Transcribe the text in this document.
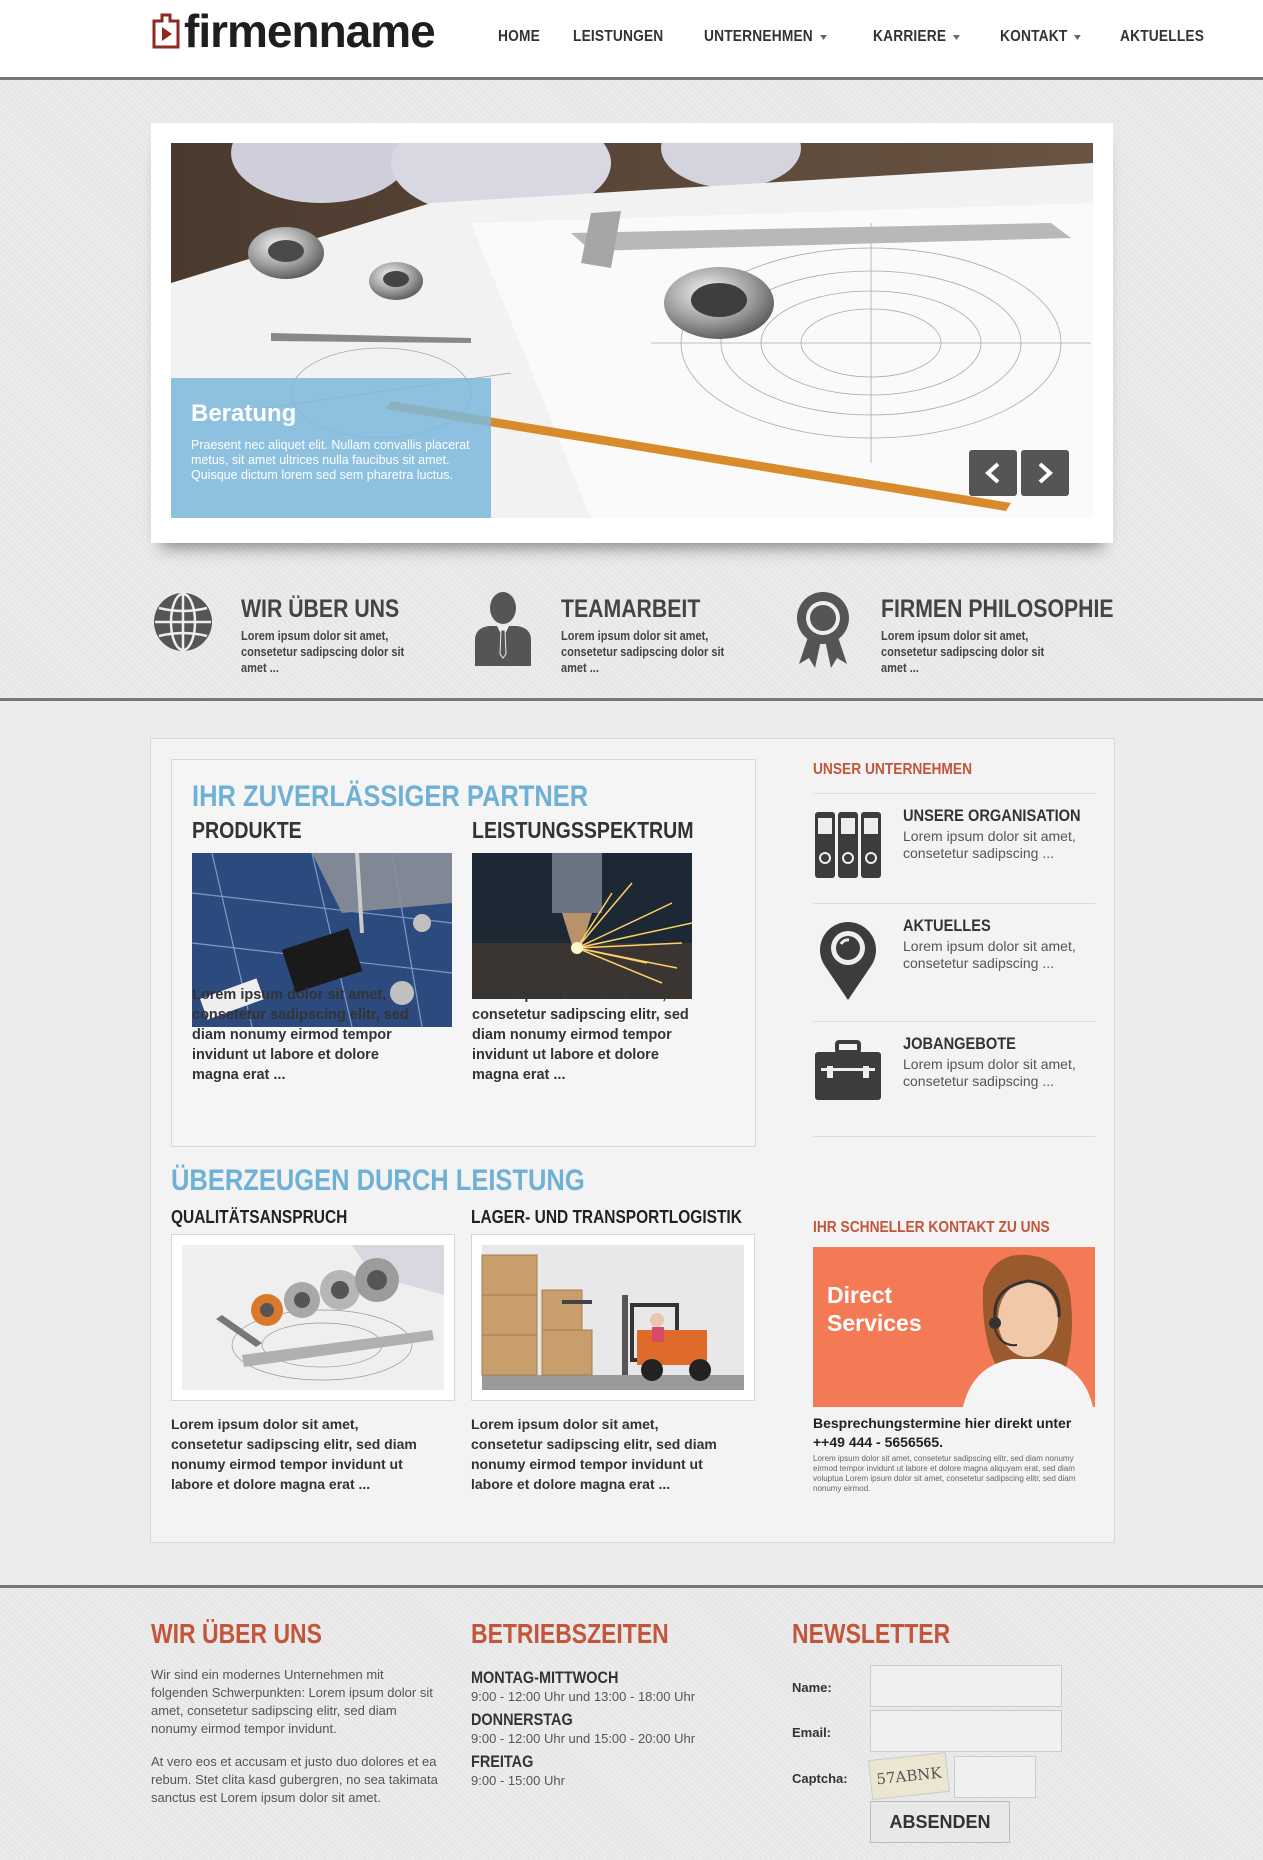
firmenname	HOME LEISTUNGEN	UNTERNEHMEN	KARRIERE	KONTAKT	AKTUELLES
Beratung
Praesent nec aliquet elit. Nullam convallis placerat metus, sit amet ultrices nulla faucibus sit amet. Quisque dictum lorem sed sem pharetra luctus.
WIR ÜBER UNS
Lorem ipsum dolor sit amet, consetetur sadipscing dolor sit amet ...
TEAMARBEIT
Lorem ipsum dolor sit amet, consetetur sadipscing dolor sit amet ...
FIRMEN PHILOSOPHIE
Lorem ipsum dolor sit amet, consetetur sadipscing dolor sit amet ...
IHR ZUVERLÄSSIGER PARTNER
PRODUKTE	LEISTUNGSSPEKTRUM
Lorem ipsum dolor sit amet, consetetur sadipscing elitr, sed diam nonumy eirmod tempor invidunt ut labore et dolore magna erat ...
Lorem ipsum dolor sit amet, consetetur sadipscing elitr, sed diam nonumy eirmod tempor invidunt ut labore et dolore magna erat ...
ÜBERZEUGEN DURCH LEISTUNG
QUALITÄTSANSPRUCH	LAGER- UND TRANSPORTLOGISTIK
Lorem ipsum dolor sit amet, consetetur sadipscing elitr, sed diam nonumy eirmod tempor invidunt ut labore et dolore magna erat ...
Lorem ipsum dolor sit amet, consetetur sadipscing elitr, sed diam nonumy eirmod tempor invidunt ut labore et dolore magna erat ...
UNSER UNTERNEHMEN
UNSERE ORGANISATION
Lorem ipsum dolor sit amet, consetetur sadipscing ...
AKTUELLES
Lorem ipsum dolor sit amet, consetetur sadipscing ...
JOBANGEBOTE
Lorem ipsum dolor sit amet, consetetur sadipscing ...
IHR SCHNELLER KONTAKT ZU UNS
Direct
Services
Besprechungstermine hier direkt unter
++49 444 - 5656565.
Lorem ipsum dolor sit amet, consetetur sadipscing elitr, sed diam nonumy eirmod tempor invidunt ut labore et dolore magna aliquyam erat, sed diam voluptua Lorem ipsum dolor sit amet, consetetur sadipscing elitr, sed diam nonumy eirmod.
WIR ÜBER UNS
Wir sind ein modernes Unternehmen mit folgenden Schwerpunkten: Lorem ipsum dolor sit amet, consetetur sadipscing elitr, sed diam nonumy eirmod tempor invidunt.
At vero eos et accusam et justo duo dolores et ea rebum. Stet clita kasd gubergren, no sea takimata sanctus est Lorem ipsum dolor sit amet.
BETRIEBSZEITEN
MONTAG-MITTWOCH
9:00 - 12:00 Uhr und 13:00 - 18:00 Uhr
DONNERSTAG
9:00 - 12:00 Uhr und 15:00 - 20:00 Uhr
FREITAG
9:00 - 15:00 Uhr
NEWSLETTER
Name:
Email:
Captcha:	57ABNK
ABSENDEN
